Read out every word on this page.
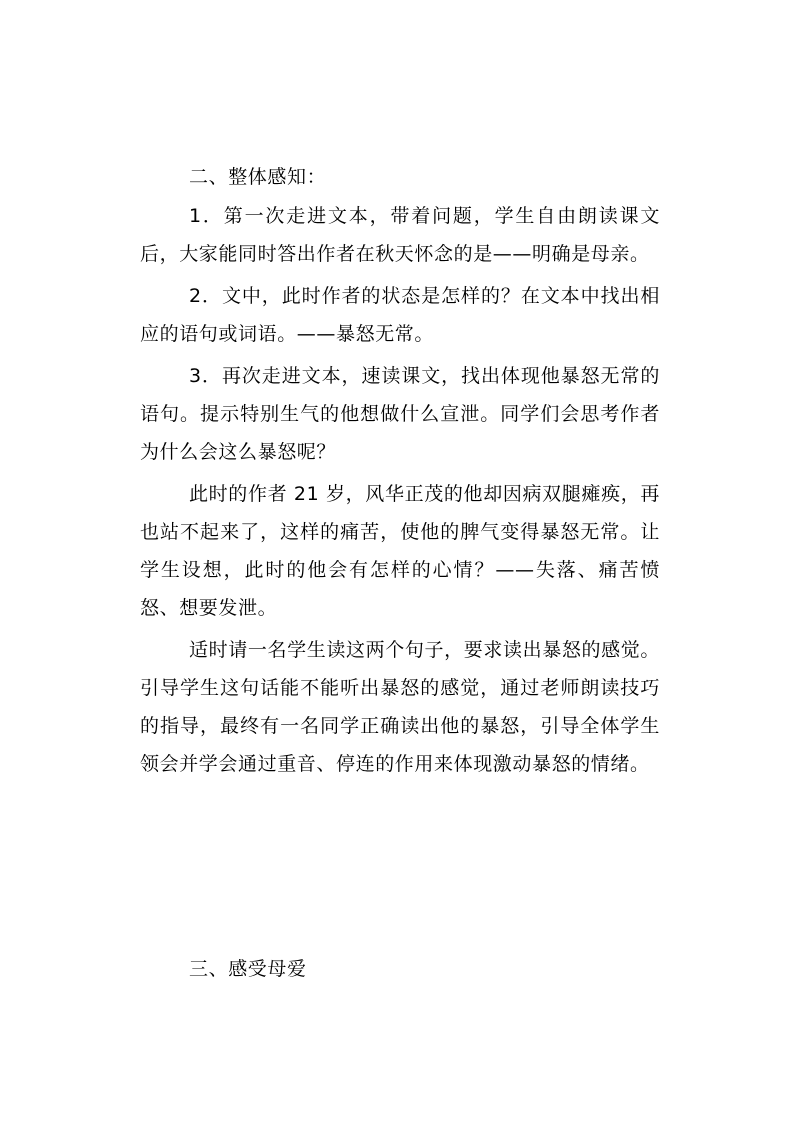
二、整体感知：

1．第一次走进文本，带着问题，学生自由朗读课文后，大家能同时答出作者在秋天怀念的是——明确是母亲。

2．文中，此时作者的状态是怎样的？在文本中找出相应的语句或词语。——暴怒无常。

3．再次走进文本，速读课文，找出体现他暴怒无常的语句。提示特别生气的他想做什么宣泄。同学们会思考作者为什么会这么暴怒呢？

此时的作者 21 岁，风华正茂的他却因病双腿瘫痪，再也站不起来了，这样的痛苦，使他的脾气变得暴怒无常。让学生设想，此时的他会有怎样的心情？——失落、痛苦愤怒、想要发泄。

适时请一名学生读这两个句子，要求读出暴怒的感觉。引导学生这句话能不能听出暴怒的感觉，通过老师朗读技巧的指导，最终有一名同学正确读出他的暴怒，引导全体学生领会并学会通过重音、停连的作用来体现激动暴怒的情绪。

三、感受母爱
